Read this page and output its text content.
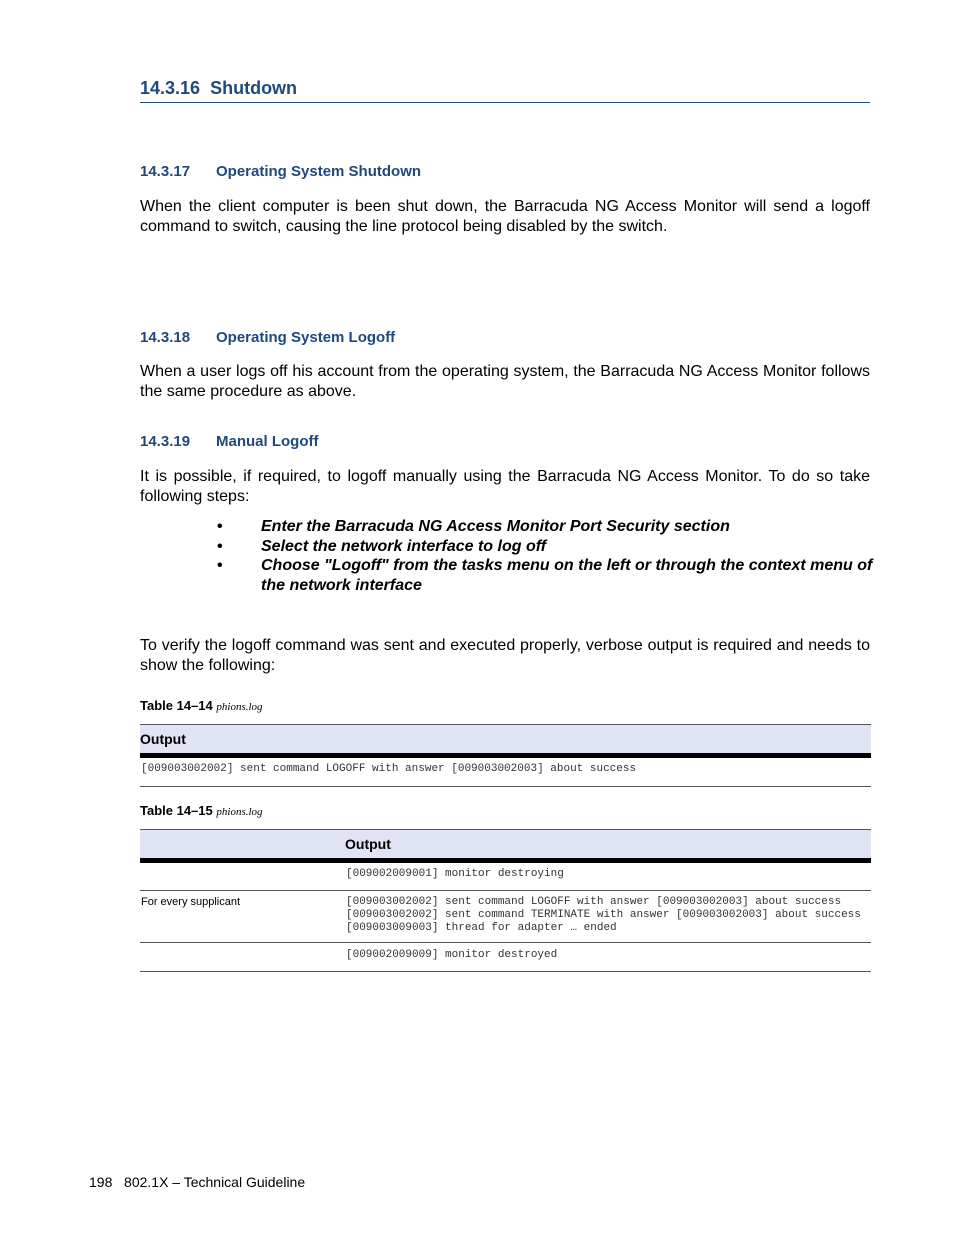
14.3.16 Shutdown
14.3.17 Operating System Shutdown
When the client computer is been shut down, the Barracuda NG Access Monitor will send a logoff command to switch, causing the line protocol being disabled by the switch.
14.3.18 Operating System Logoff
When a user logs off his account from the operating system, the Barracuda NG Access Monitor follows the same procedure as above.
14.3.19 Manual Logoff
It is possible, if required, to logoff manually using the Barracuda NG Access Monitor. To do so take following steps:
• Enter the Barracuda NG Access Monitor Port Security section
• Select the network interface to log off
• Choose "Logoff" from the tasks menu on the left or through the context menu of the network interface
To verify the logoff command was sent and executed properly, verbose output is required and needs to show the following:
Table 14–14 phions.log
Output

[009003002002] sent command LOGOFF with answer [009003002003] about success
Table 14–15 phions.log
	Output

	[009002009001] monitor destroying

For every supplicant	[009003002002] sent command LOGOFF with answer [009003002003] about success
[009003002002] sent command TERMINATE with answer [009003002003] about success
[009003009003] thread for adapter … ended

	[009002009009] monitor destroyed
198 802.1X – Technical Guideline
